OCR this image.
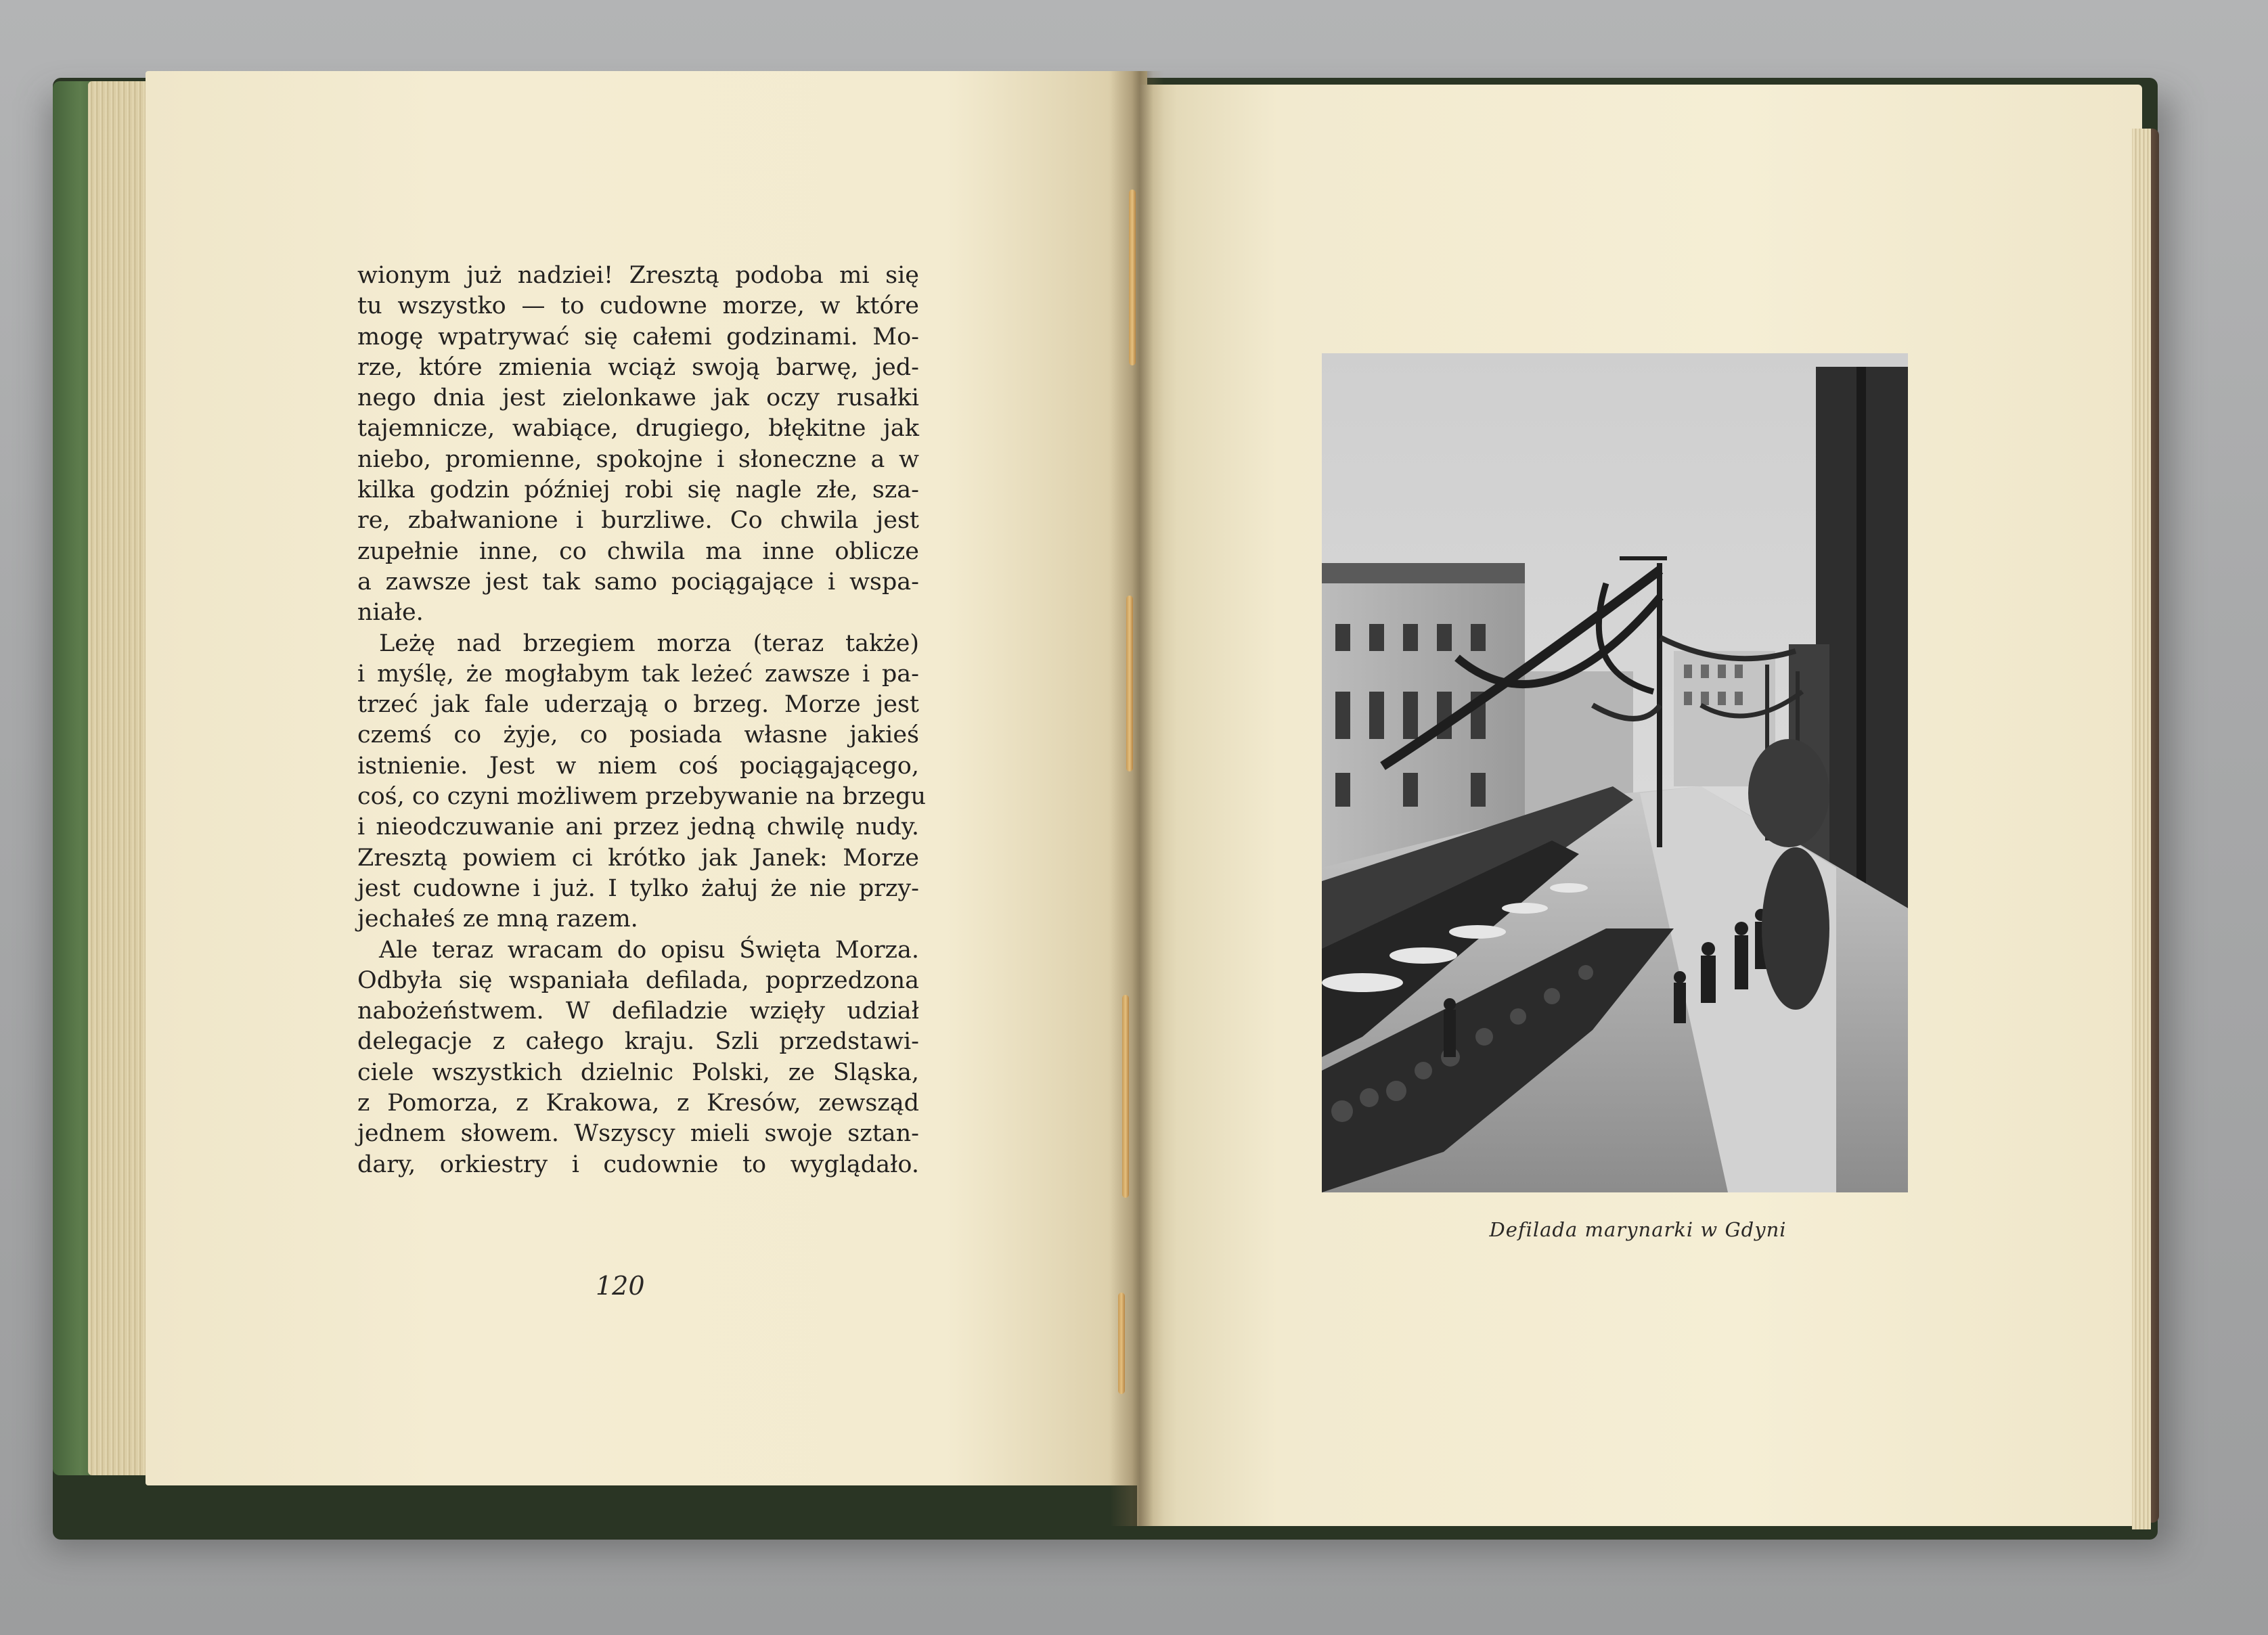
wionym już nadziei! Zresztą podoba mi się
tu wszystko — to cudowne morze, w które
mogę wpatrywać się całemi godzinami. Mo-
rze, które zmienia wciąż swoją barwę, jed-
nego dnia jest zielonkawe jak oczy rusałki
tajemnicze, wabiące, drugiego, błękitne jak
niebo, promienne, spokojne i słoneczne a w
kilka godzin później robi się nagle złe, sza-
re, zbałwanione i burzliwe. Co chwila jest
zupełnie inne, co chwila ma inne oblicze
a zawsze jest tak samo pociągające i wspa-
niałe.
Leżę nad brzegiem morza (teraz także)
i myślę, że mogłabym tak leżeć zawsze i pa-
trzeć jak fale uderzają o brzeg. Morze jest
czemś co żyje, co posiada własne jakieś
istnienie. Jest w niem coś pociągającego,
coś, co czyni możliwem przebywanie na brzegu
i nieodczuwanie ani przez jedną chwilę nudy.
Zresztą powiem ci krótko jak Janek: Morze
jest cudowne i już. I tylko żałuj że nie przy-
jechałeś ze mną razem.
Ale teraz wracam do opisu Święta Morza.
Odbyła się wspaniała defilada, poprzedzona
nabożeństwem. W defiladzie wzięły udział
delegacje z całego kraju. Szli przedstawi-
ciele wszystkich dzielnic Polski, ze Sląska,
z Pomorza, z Krakowa, z Kresów, zewsząd
jednem słowem. Wszyscy mieli swoje sztan-
dary, orkiestry i cudownie to wyglądało.
120
Defilada marynarki w Gdyni
